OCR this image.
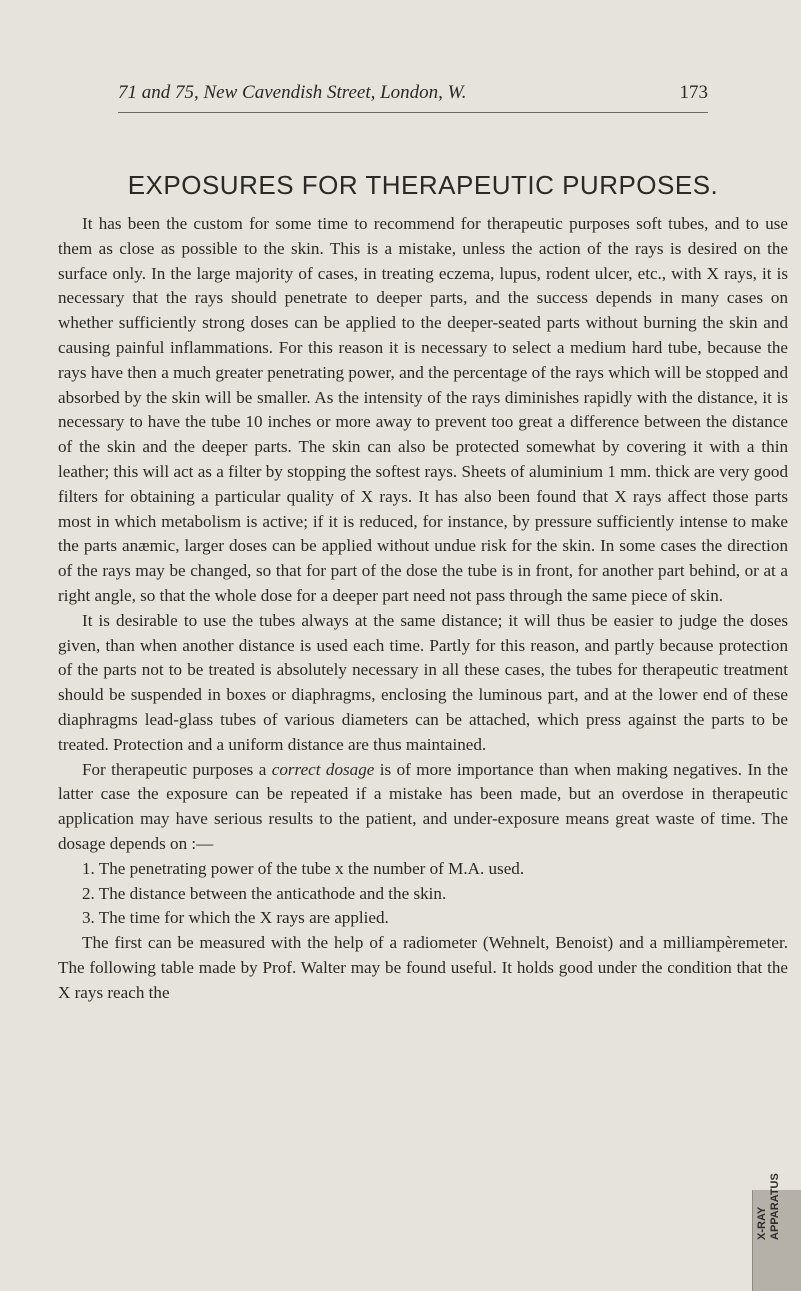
71 and 75, New Cavendish Street, London, W.	173
EXPOSURES FOR THERAPEUTIC PURPOSES.

It has been the custom for some time to recommend for therapeutic purposes soft tubes, and to use them as close as possible to the skin. This is a mistake, unless the action of the rays is desired on the surface only. In the large majority of cases, in treating eczema, lupus, rodent ulcer, etc., with X rays, it is necessary that the rays should penetrate to deeper parts, and the success depends in many cases on whether sufficiently strong doses can be applied to the deeper-seated parts without burning the skin and causing painful inflammations. For this reason it is necessary to select a medium hard tube, because the rays have then a much greater penetrating power, and the percentage of the rays which will be stopped and absorbed by the skin will be smaller. As the intensity of the rays diminishes rapidly with the distance, it is necessary to have the tube 10 inches or more away to prevent too great a difference between the distance of the skin and the deeper parts. The skin can also be protected somewhat by covering it with a thin leather; this will act as a filter by stopping the softest rays. Sheets of aluminium 1 mm. thick are very good filters for obtaining a particular quality of X rays. It has also been found that X rays affect those parts most in which metabolism is active; if it is reduced, for instance, by pressure sufficiently intense to make the parts anæmic, larger doses can be applied without undue risk for the skin. In some cases the direction of the rays may be changed, so that for part of the dose the tube is in front, for another part behind, or at a right angle, so that the whole dose for a deeper part need not pass through the same piece of skin.

It is desirable to use the tubes always at the same distance; it will thus be easier to judge the doses given, than when another distance is used each time. Partly for this reason, and partly because protection of the parts not to be treated is absolutely necessary in all these cases, the tubes for therapeutic treatment should be suspended in boxes or diaphragms, enclosing the luminous part, and at the lower end of these diaphragms lead-glass tubes of various diameters can be attached, which press against the parts to be treated. Protection and a uniform distance are thus maintained.

For therapeutic purposes a correct dosage is of more importance than when making negatives. In the latter case the exposure can be repeated if a mistake has been made, but an overdose in therapeutic application may have serious results to the patient, and under-exposure means great waste of time. The dosage depends on :—

1. The penetrating power of the tube x the number of M.A. used.
2. The distance between the anticathode and the skin.
3. The time for which the X rays are applied.

The first can be measured with the help of a radiometer (Wehnelt, Benoist) and a milliampèremeter. The following table made by Prof. Walter may be found useful. It holds good under the condition that the X rays reach the

X-RAY APPARATUS
